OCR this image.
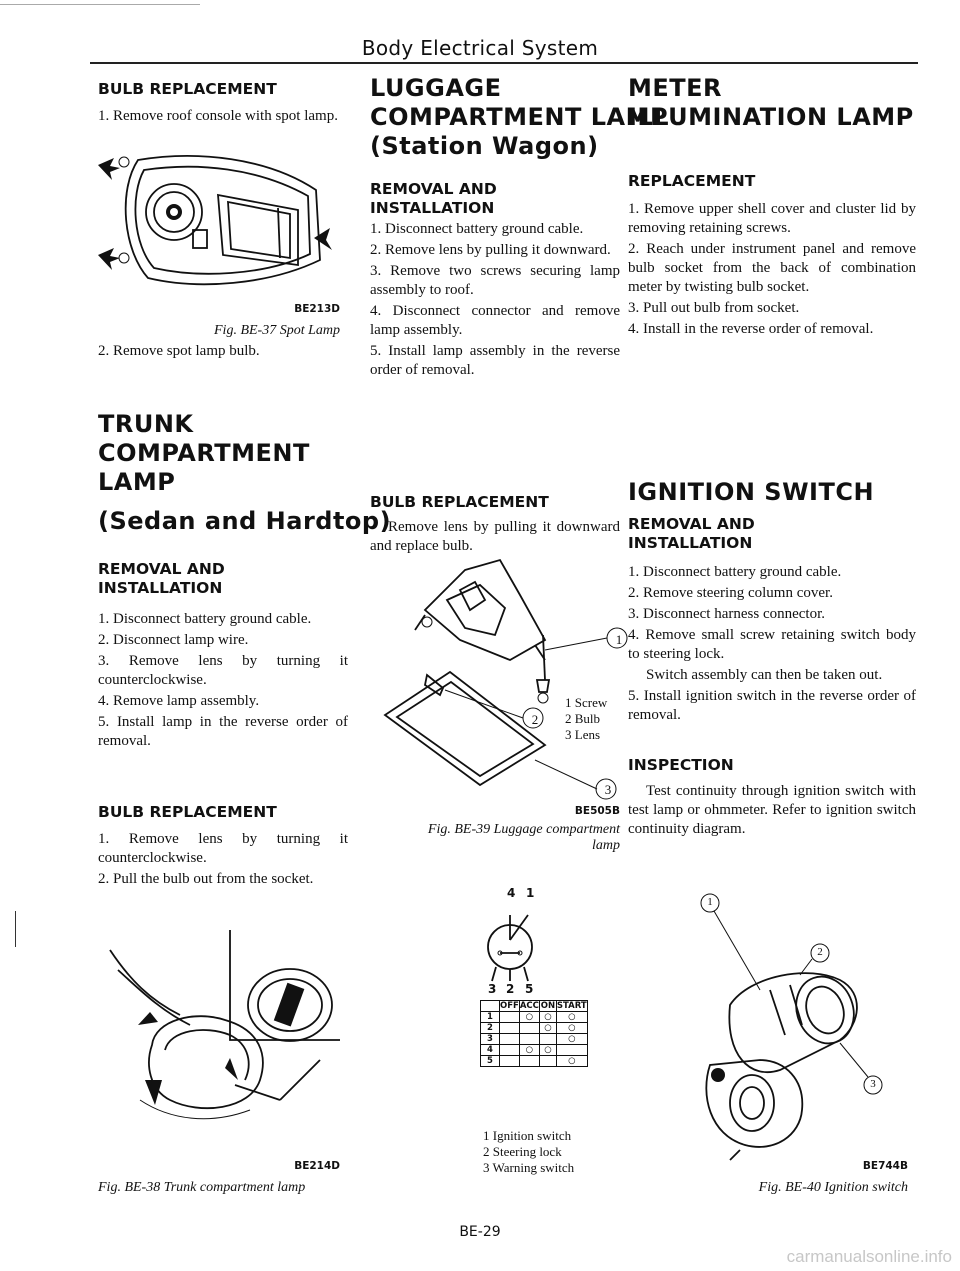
Body Electrical System
BULB REPLACEMENT

1. Remove roof console with spot lamp.

BE213D
Fig. BE-37 Spot Lamp
2. Remove spot lamp bulb.
TRUNK
COMPARTMENT
LAMP
(Sedan and Hardtop)
REMOVAL AND
INSTALLATION

1. Disconnect battery ground cable.

2. Disconnect lamp wire.

3. Remove lens by turning it counterclockwise.

4. Remove lamp assembly.

5. Install lamp in the reverse order of removal.

BULB REPLACEMENT

1. Remove lens by turning it counterclockwise.

2. Pull the bulb out from the socket.

BE214D
Fig. BE-38 Trunk compartment lamp
LUGGAGE
COMPARTMENT LAMP
(Station Wagon)
REMOVAL AND
INSTALLATION

1. Disconnect battery ground cable.

2. Remove lens by pulling it downward.

3. Remove two screws securing lamp assembly to roof.

4. Disconnect connector and remove lamp assembly.

5. Install lamp assembly in the reverse order of removal.

BULB REPLACEMENT

Remove lens by pulling it downward and replace bulb.

1
2
3
1 Screw
2 Bulb
3 Lens
BE505B
Fig. BE-39 Luggage compartment
lamp
4 1
3 2 5
	OFF	ACC	ON	START
1		○	○	○
2			○	○
3				○
4		○	○	
5				○
1 Ignition switch
2 Steering lock
3 Warning switch
METER
ILLUMINATION LAMP
REPLACEMENT

1. Remove upper shell cover and cluster lid by removing retaining screws.

2. Reach under instrument panel and remove bulb socket from the back of combination meter by twisting bulb socket.

3. Pull out bulb from socket.

4. Install in the reverse order of removal.

IGNITION SWITCH
REMOVAL AND
INSTALLATION

1. Disconnect battery ground cable.

2. Remove steering column cover.

3. Disconnect harness connector.

4. Remove small screw retaining switch body to steering lock.

Switch assembly can then be taken out.

5. Install ignition switch in the reverse order of removal.

INSPECTION

Test continuity through ignition switch with test lamp or ohmmeter. Refer to ignition switch continuity diagram.

1
2
3
BE744B
Fig. BE-40 Ignition switch
BE-29
carmanualsonline.info
